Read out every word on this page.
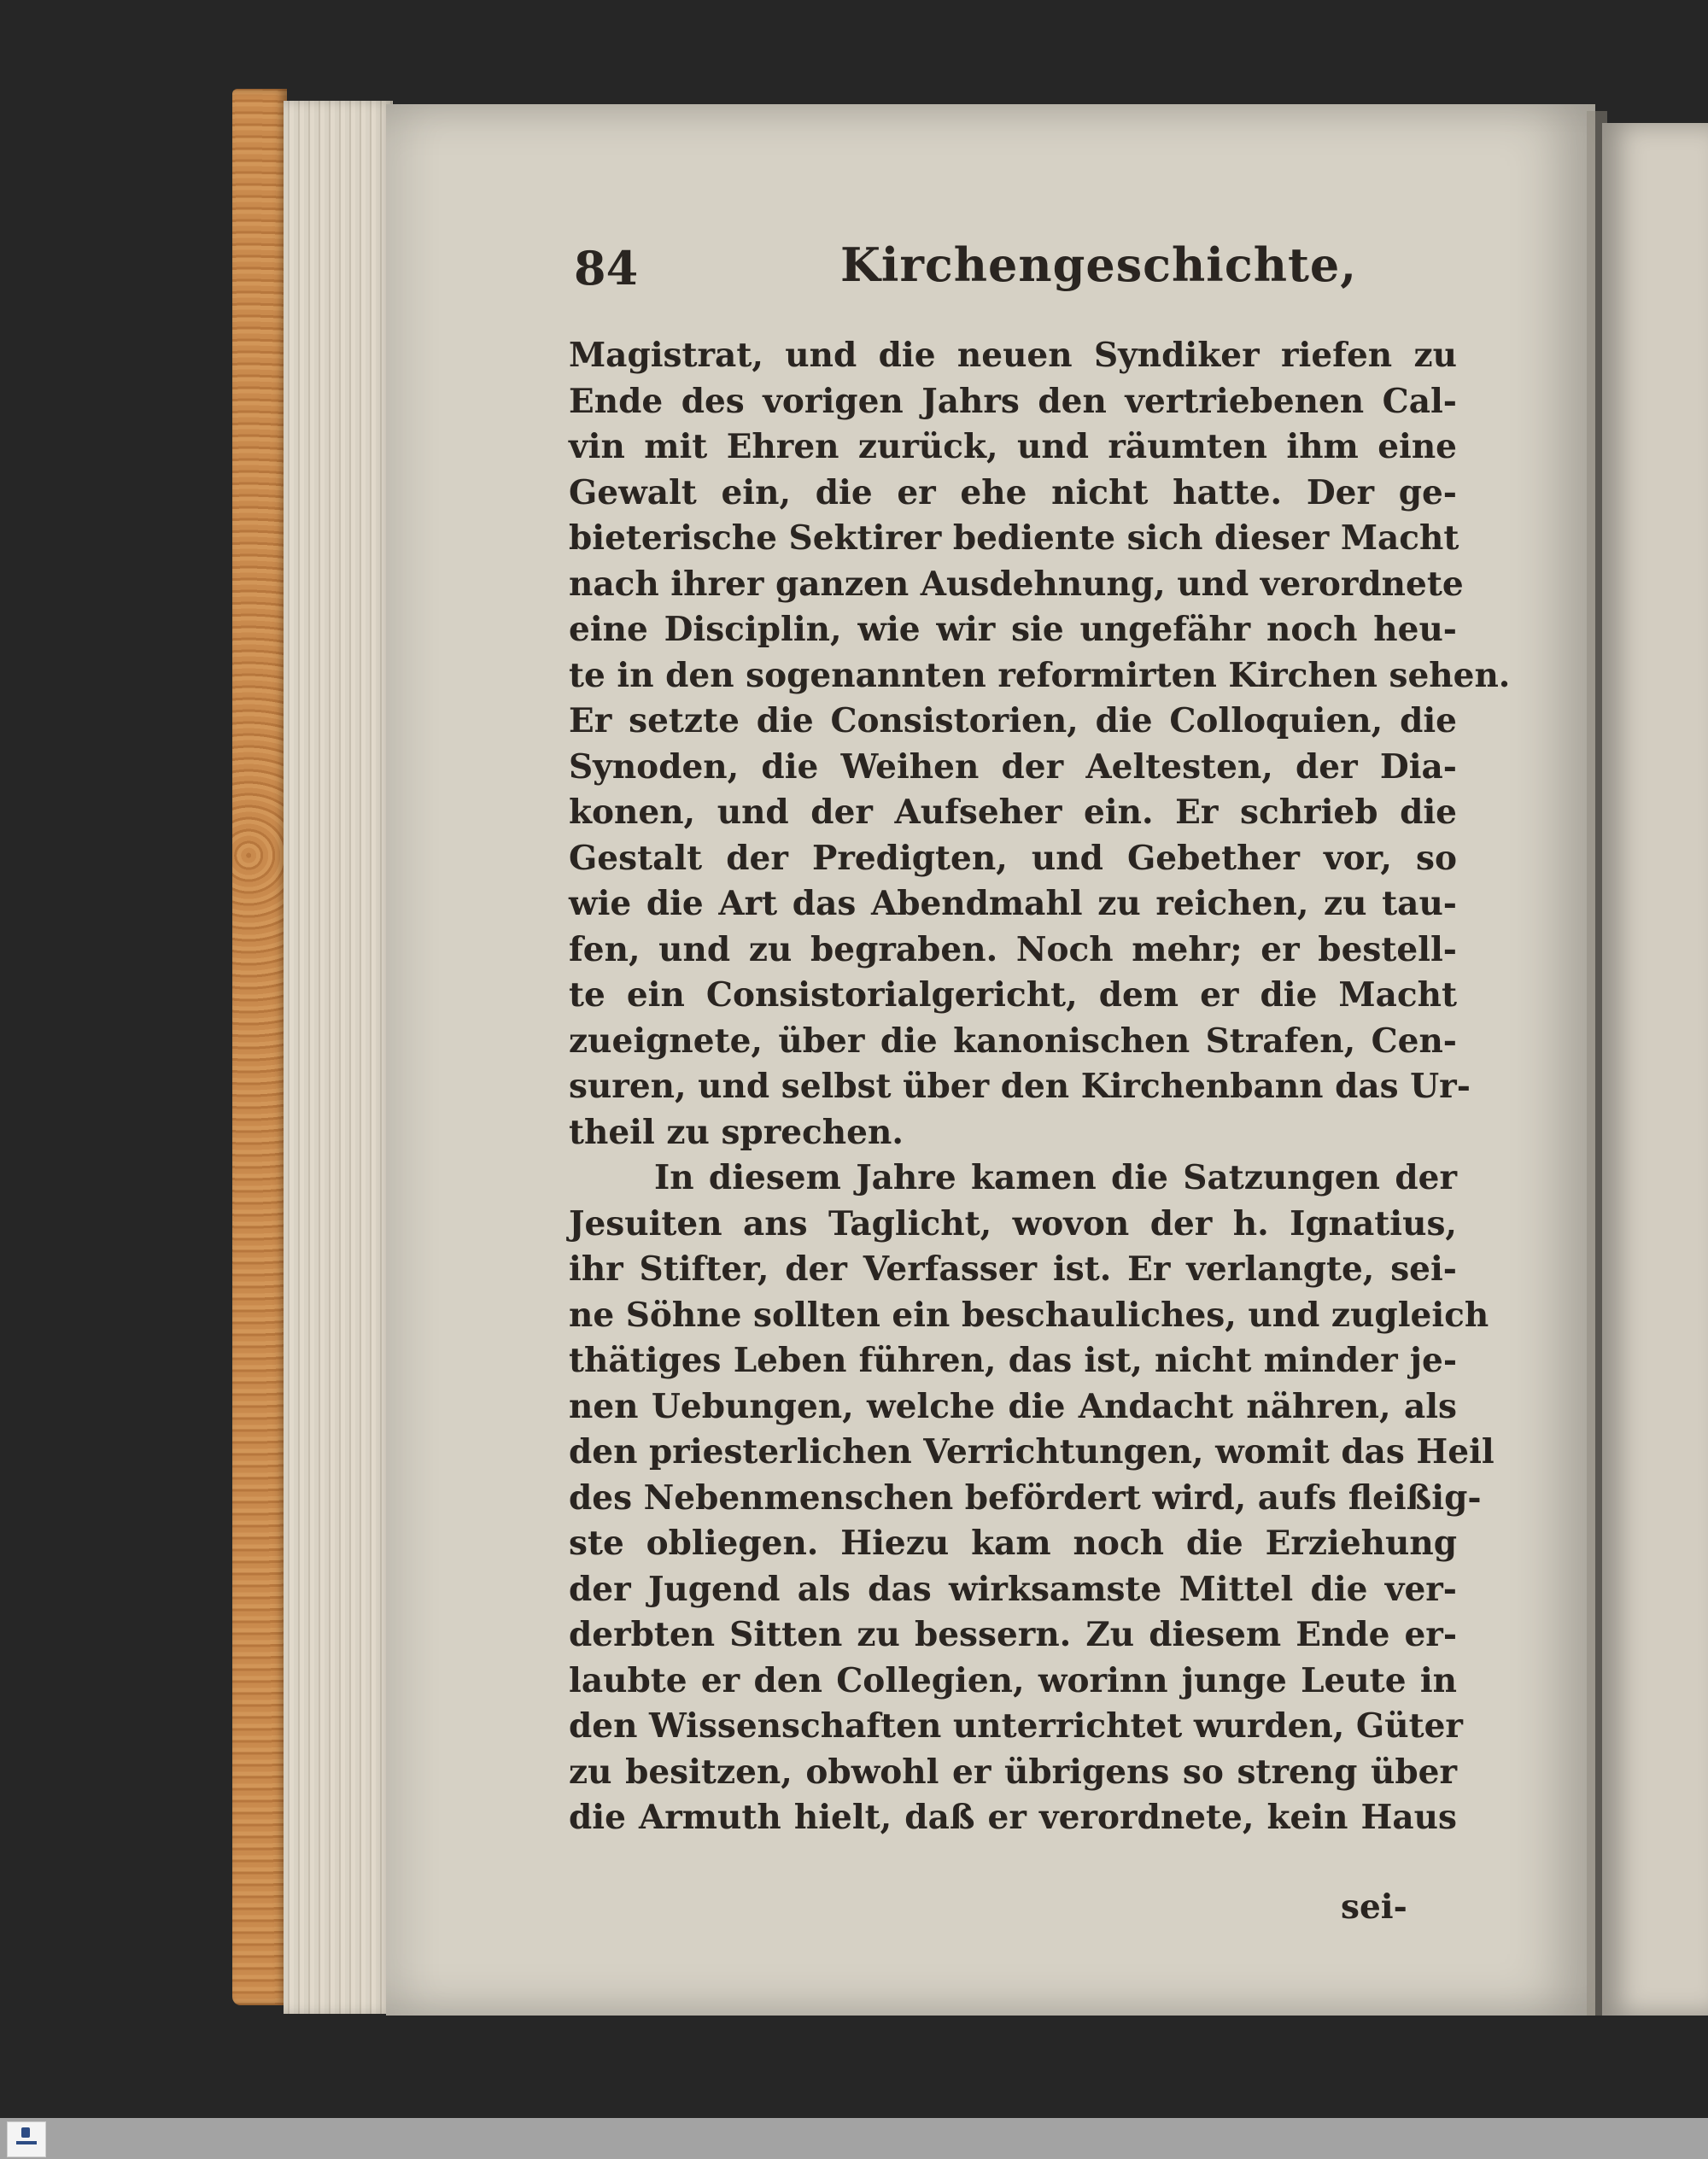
84	Kirchengeschichte,
Magistrat, und die neuen Syndiker riefen zu
Ende des vorigen Jahrs den vertriebenen Cal-
vin mit Ehren zurück, und räumten ihm eine
Gewalt ein, die er ehe nicht hatte. Der ge-
bieterische Sektirer bediente sich dieser Macht
nach ihrer ganzen Ausdehnung, und verordnete
eine Disciplin, wie wir sie ungefähr noch heu-
te in den sogenannten reformirten Kirchen sehen.
Er setzte die Consistorien, die Colloquien, die
Synoden, die Weihen der Aeltesten, der Dia-
konen, und der Aufseher ein. Er schrieb die
Gestalt der Predigten, und Gebether vor, so
wie die Art das Abendmahl zu reichen, zu tau-
fen, und zu begraben. Noch mehr; er bestell-
te ein Consistorialgericht, dem er die Macht
zueignete, über die kanonischen Strafen, Cen-
suren, und selbst über den Kirchenbann das Ur-
theil zu sprechen.
In diesem Jahre kamen die Satzungen der
Jesuiten ans Taglicht, wovon der h. Ignatius,
ihr Stifter, der Verfasser ist. Er verlangte, sei-
ne Söhne sollten ein beschauliches, und zugleich
thätiges Leben führen, das ist, nicht minder je-
nen Uebungen, welche die Andacht nähren, als
den priesterlichen Verrichtungen, womit das Heil
des Nebenmenschen befördert wird, aufs fleißig-
ste obliegen. Hiezu kam noch die Erziehung
der Jugend als das wirksamste Mittel die ver-
derbten Sitten zu bessern. Zu diesem Ende er-
laubte er den Collegien, worinn junge Leute in
den Wissenschaften unterrichtet wurden, Güter
zu besitzen, obwohl er übrigens so streng über
die Armuth hielt, daß er verordnete, kein Haus
sei-
